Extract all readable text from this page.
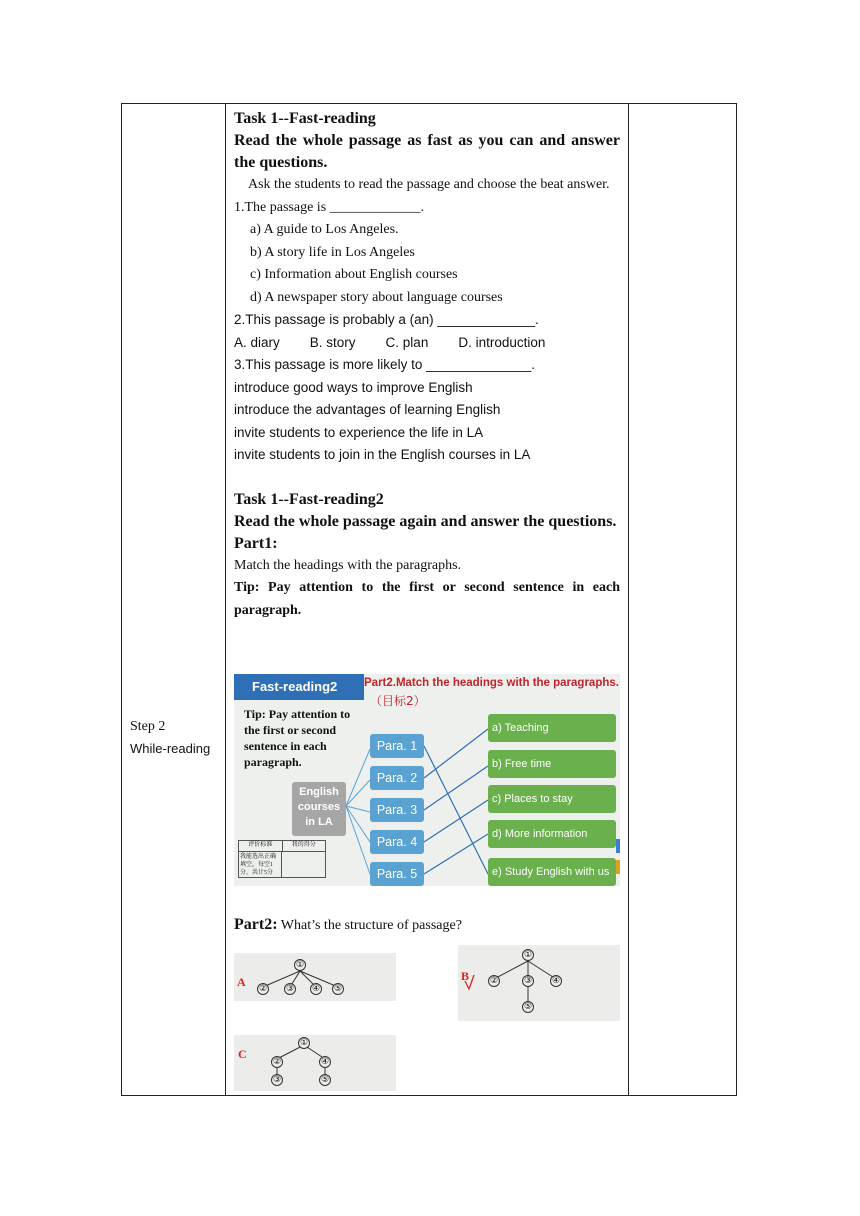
Step 2
While-reading
Task 1--Fast-reading
Read the whole passage as fast as you can and answer the questions.
Ask the students to read the passage and choose the beat answer.
1.The passage is _____________.
a) A guide to Los Angeles.
b) A story life in Los Angeles
c) Information about English courses
d) A newspaper story about language courses
2.This passage is probably a (an) _____________.
A. diary B. story C. plan D. introduction
3.This passage is more likely to ______________.
introduce good ways to improve English
introduce the advantages of learning English
invite students to experience the life in LA
invite students to join in the English courses in LA
Task 1--Fast-reading2
Read the whole passage again and answer the questions.
Part1:
Match the headings with the paragraphs.
Tip: Pay attention to the first or second sentence in each paragraph.
Fast-reading2	Part2.Match the headings with the paragraphs.
（目标2）
Tip: Pay attention to the first or second sentence in each paragraph.
English courses in LA
Para. 1
Para. 2
Para. 3
Para. 4
Para. 5
a) Teaching
b) Free time
c) Places to stay
d) More information
e) Study English with us
评价标准	我的得分
我能选出正确填空，每空1分，共计5分
Part2: What’s the structure of passage?
A
①
② ③ ④ ⑤
B
①
②	③ ④
⑤
C
①
②	④
③	⑤
